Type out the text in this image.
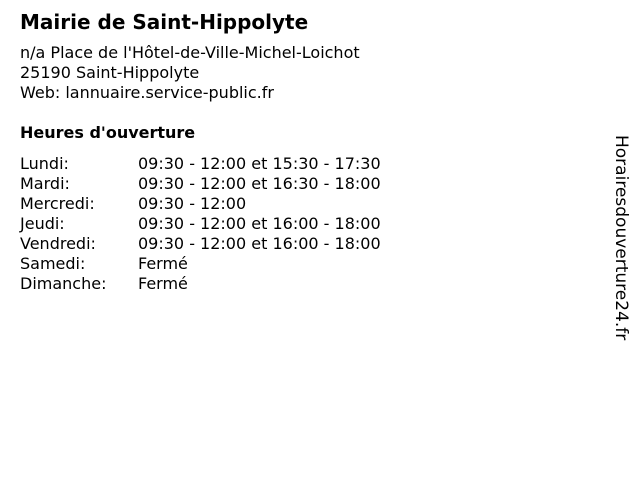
Mairie de Saint-Hippolyte
n/a Place de l'Hôtel-de-Ville-Michel-Loichot
25190 Saint-Hippolyte
Web: lannuaire.service-public.fr
Heures d'ouverture
Lundi:	09:30 - 12:00 et 15:30 - 17:30
Mardi:	09:30 - 12:00 et 16:30 - 18:00
Mercredi:	09:30 - 12:00
Jeudi:	09:30 - 12:00 et 16:00 - 18:00
Vendredi:	09:30 - 12:00 et 16:00 - 18:00
Samedi:	Fermé
Dimanche:	Fermé	Horairesdouverture24.fr
